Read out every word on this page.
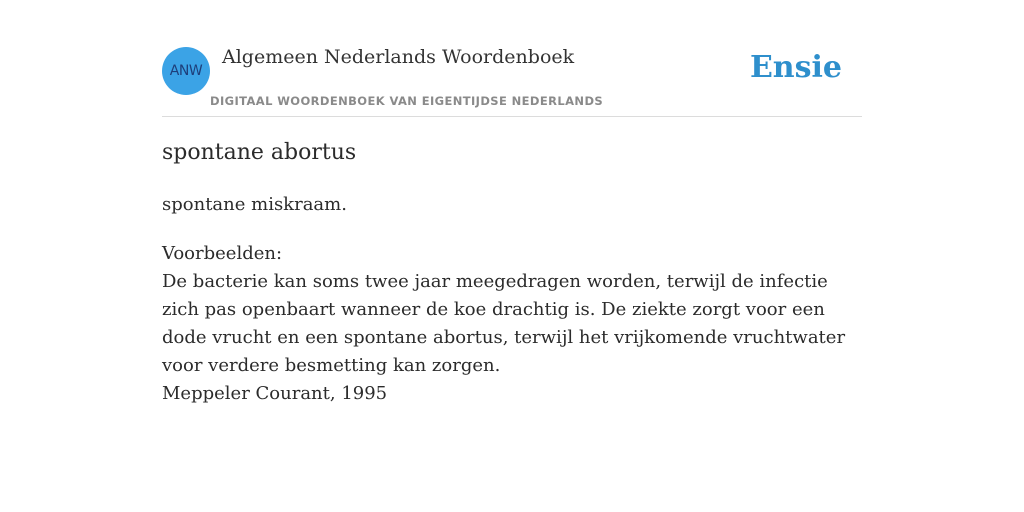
ANW
Algemeen Nederlands Woordenboek
DIGITAAL WOORDENBOEK VAN EIGENTIJDSE NEDERLANDS
Ensie
spontane abortus
spontane miskraam.
Voorbeelden:
De bacterie kan soms twee jaar meegedragen worden, terwijl de infectie zich pas openbaart wanneer de koe drachtig is. De ziekte zorgt voor een dode vrucht en een spontane abortus, terwijl het vrijkomende vruchtwater voor verdere besmetting kan zorgen.
Meppeler Courant, 1995
